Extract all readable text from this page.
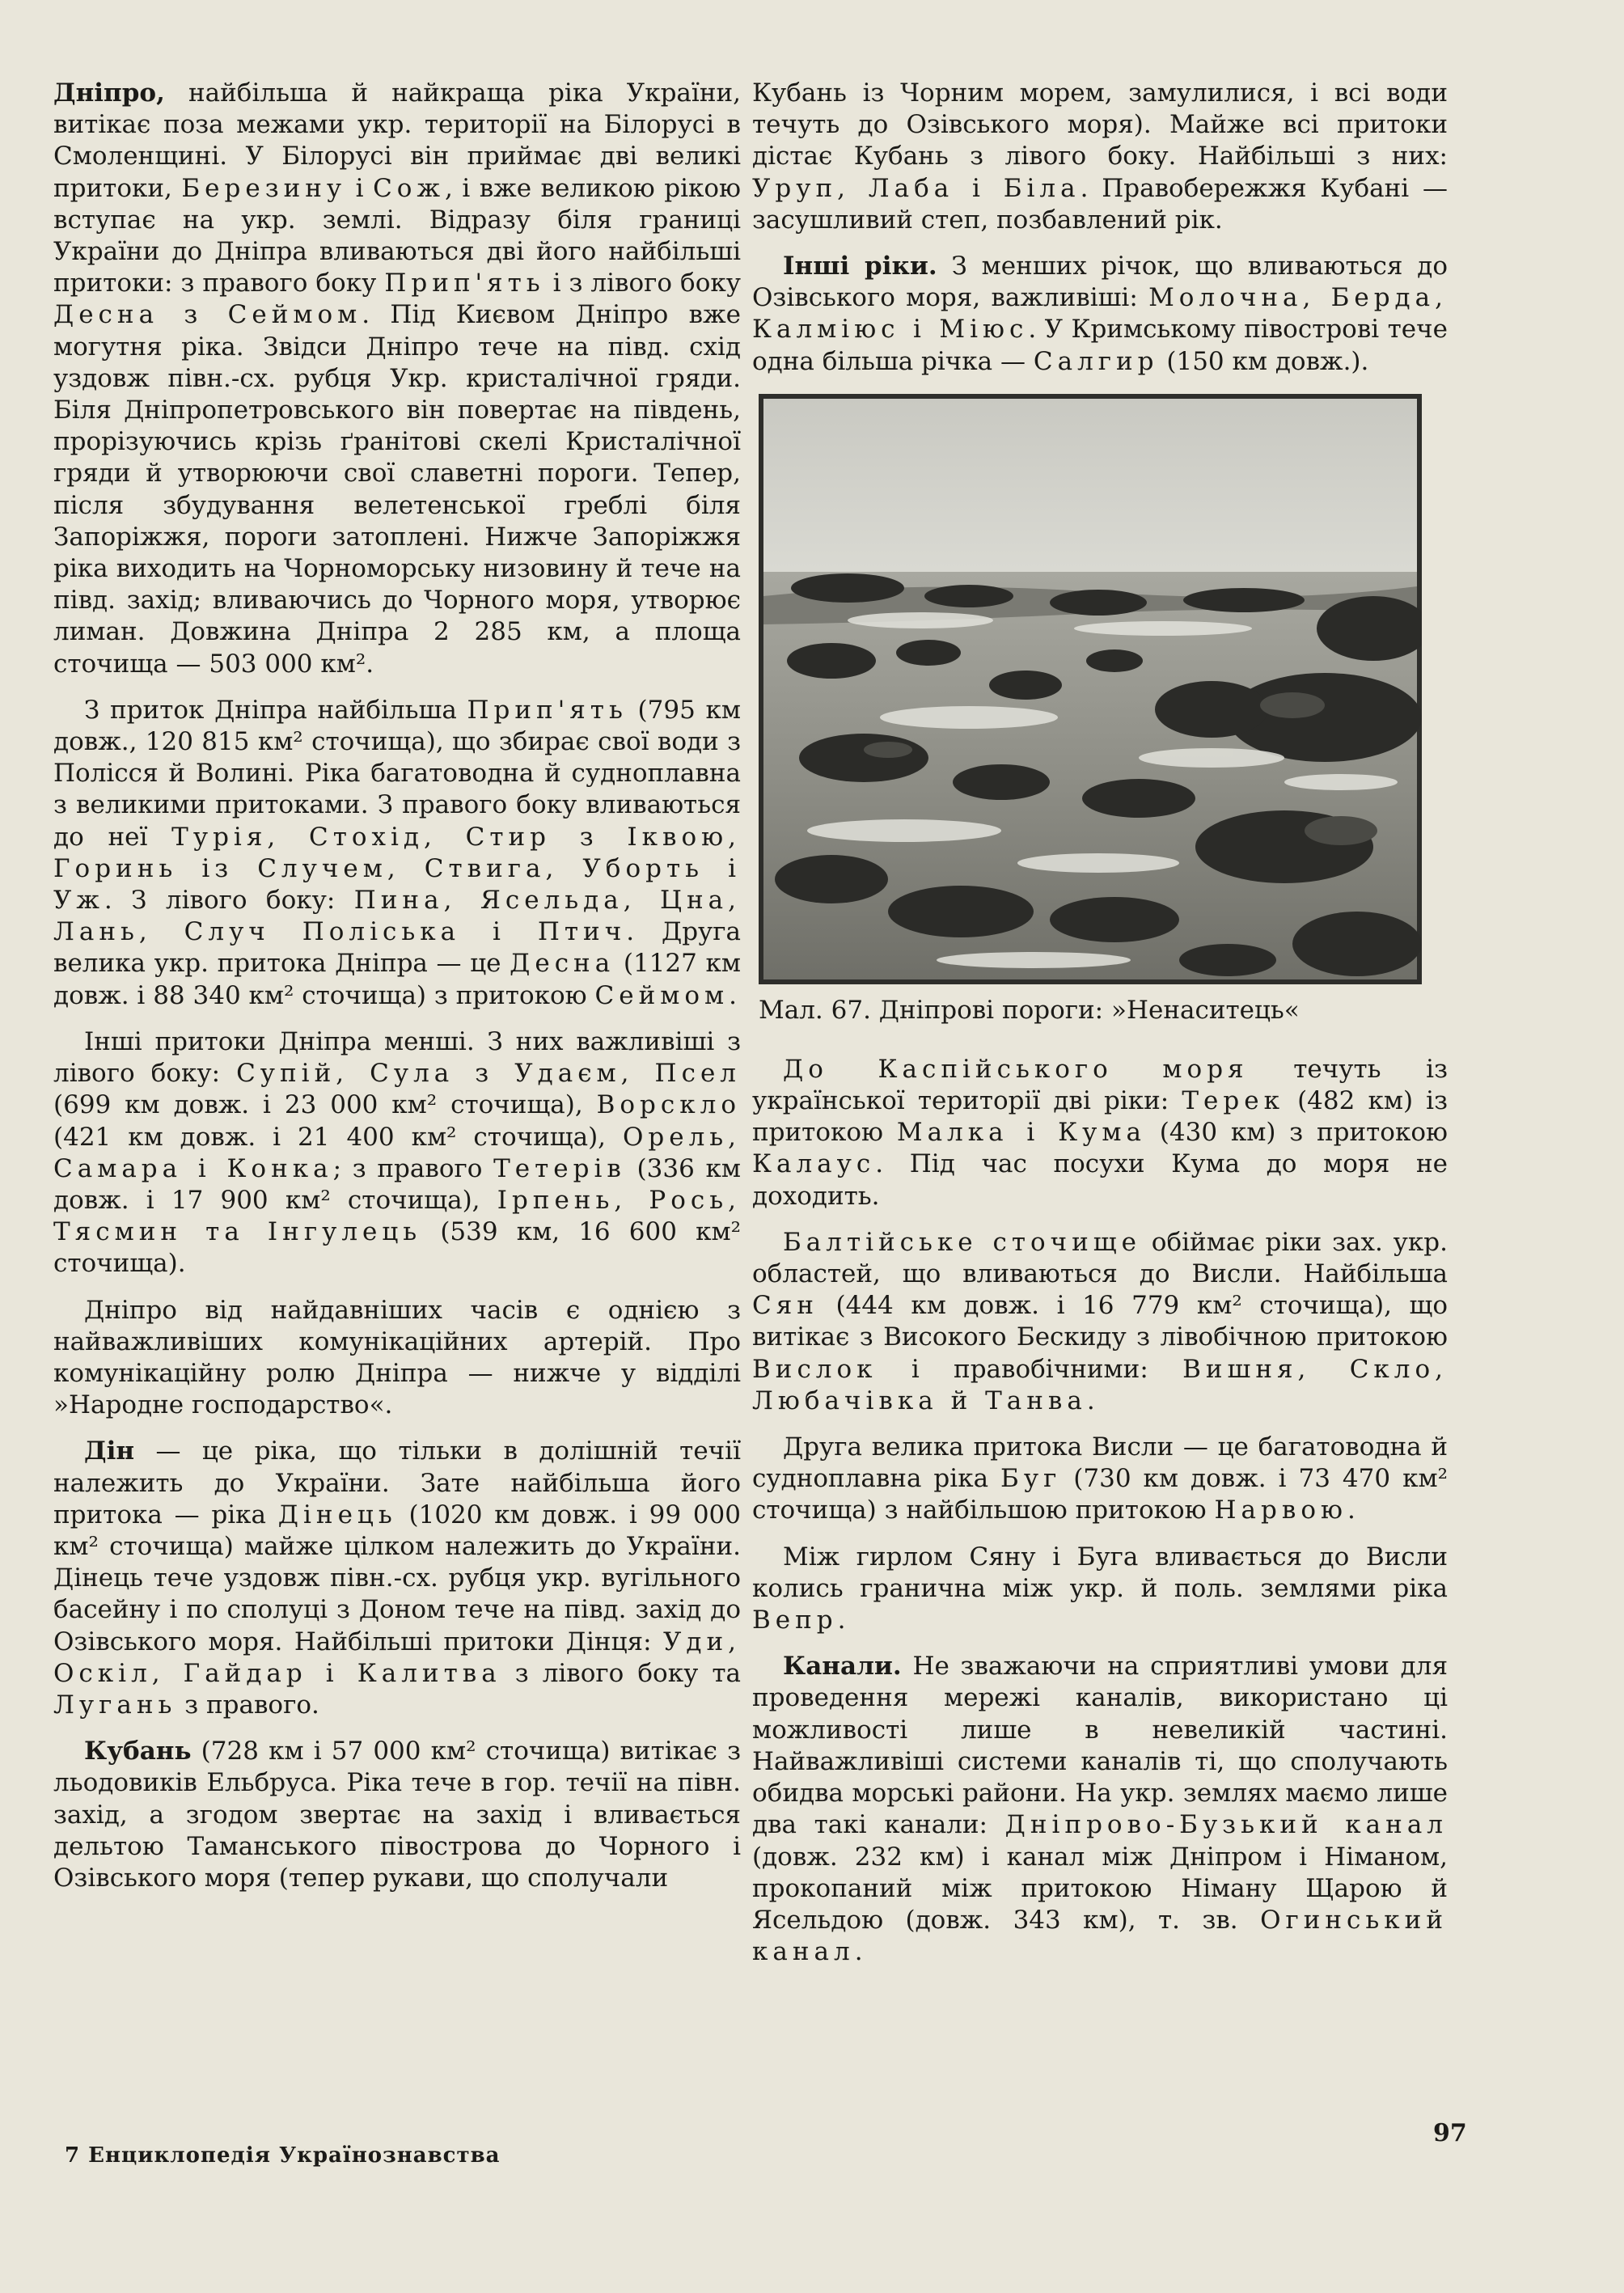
Дніпро, найбільша й найкраща ріка України, витікає поза межами укр. території на Білорусі в Смоленщині. У Білорусі він приймає дві великі притоки, Березину і Сож, і вже великою рікою вступає на укр. землі. Відразу біля границі України до Дніпра вливаються дві його найбільші притоки: з правого боку Прип'ять і з лівого боку Десна з Сеймом. Під Києвом Дніпро вже могутня ріка. Звідси Дніпро тече на півд. схід уздовж півн.-сх. рубця Укр. кристалічної гряди. Біля Дніпропетровського він повертає на південь, прорізуючись крізь ґранітові скелі Кристалічної гряди й утворюючи свої славетні пороги. Тепер, після збудування велетенської греблі біля Запоріжжя, пороги затоплені. Нижче Запоріжжя ріка виходить на Чорноморську низовину й тече на півд. захід; вливаючись до Чорного моря, утворює лиман. Довжина Дніпра 2 285 км, а площа сточища — 503 000 км².

З приток Дніпра найбільша Прип'ять (795 км довж., 120 815 км² сточища), що збирає свої води з Полісся й Волині. Ріка багатоводна й судноплавна з великими притоками. З правого боку вливаються до неї Турія, Стохід, Стир з Іквою, Горинь із Случем, Ствига, Уборть і Уж. З лівого боку: Пина, Ясельда, Цна, Лань, Случ Поліська і Птич. Друга велика укр. притока Дніпра — це Десна (1127 км довж. і 88 340 км² сточища) з притокою Сеймом.

Інші притоки Дніпра менші. З них важливіші з лівого боку: Супій, Сула з Удаєм, Псел (699 км довж. і 23 000 км² сточища), Ворскло (421 км довж. і 21 400 км² сточища), Орель, Самара і Конка; з правого Тетерів (336 км довж. і 17 900 км² сточища), Ірпень, Рось, Тясмин та Інгулець (539 км, 16 600 км² сточища).

Дніпро від найдавніших часів є однією з найважливіших комунікаційних артерій. Про комунікаційну ролю Дніпра — нижче у відділі »Народне господарство«.

Дін — це ріка, що тільки в долішній течії належить до України. Зате найбільша його притока — ріка Дінець (1020 км довж. і 99 000 км² сточища) майже цілком належить до України. Дінець тече уздовж півн.-сх. рубця укр. вугільного басейну і по сполуці з Доном тече на півд. захід до Озівського моря. Найбільші притоки Дінця: Уди, Оскіл, Гайдар і Калитва з лівого боку та Лугань з правого.

Кубань (728 км і 57 000 км² сточища) витікає з льодовиків Ельбруса. Ріка тече в гор. течії на півн. захід, а згодом звертає на захід і вливається дельтою Таманського півострова до Чорного і Озівського моря (тепер рукави, що сполучали

Кубань із Чорним морем, замулилися, і всі води течуть до Озівського моря). Майже всі притоки дістає Кубань з лівого боку. Найбільші з них: Уруп, Лаба і Біла. Правобережжя Кубані — засушливий степ, позбавлений рік.

Інші ріки. З менших річок, що вливаються до Озівського моря, важливіші: Молочна, Берда, Калміюс і Міюс. У Кримському півострові тече одна більша річка — Салгир (150 км довж.).

Мал. 67. Дніпрові пороги: »Ненаситець«

До Каспійського моря течуть із української території дві ріки: Терек (482 км) із притокою Малка і Кума (430 км) з притокою Калаус. Під час посухи Кума до моря не доходить.

Балтійське сточище обіймає ріки зах. укр. областей, що вливаються до Висли. Найбільша Сян (444 км довж. і 16 779 км² сточища), що витікає з Високого Бескиду з лівобічною притокою Вислок і правобічними: Вишня, Скло, Любачівка й Танва.

Друга велика притока Висли — це багатоводна й судноплавна ріка Буг (730 км довж. і 73 470 км² сточища) з найбільшою притокою Нарвою.

Між гирлом Сяну і Буга вливається до Висли колись гранична між укр. й поль. землями ріка Вепр.

Канали. Не зважаючи на сприятливі умови для проведення мережі каналів, використано ці можливості лише в невеликій частині. Найважливіші системи каналів ті, що сполучають обидва морські райони. На укр. землях маємо лише два такі канали: Дніпрово-Бузький канал (довж. 232 км) і канал між Дніпром і Німаном, прокопаний між притокою Німану Щарою й Ясельдою (довж. 343 км), т. зв. Огинський канал.

7 Енциклопедія Українознавства
97
